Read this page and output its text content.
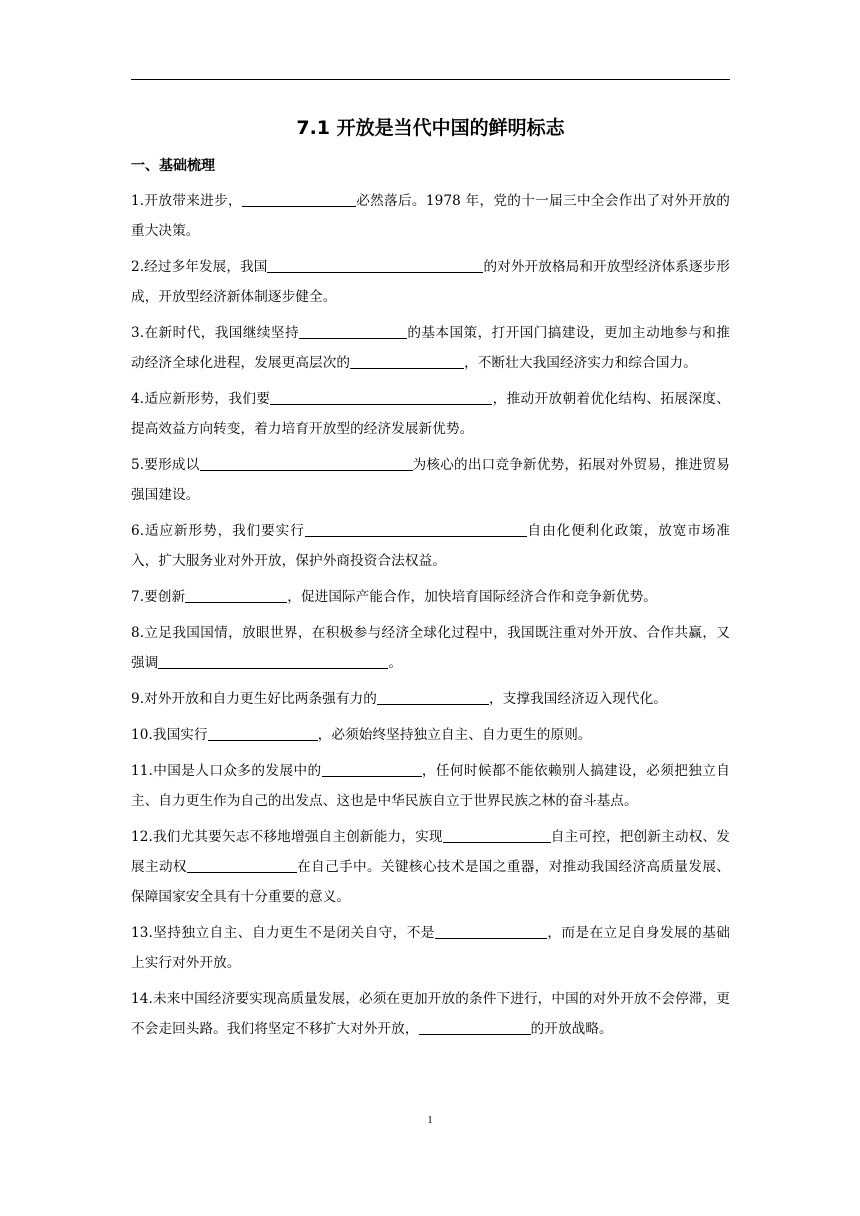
7.1 开放是当代中国的鲜明标志
一、基础梳理
1.开放带来进步，	必然落后。1978 年，党的十一届三中全会作出了对外开放的重大决策。
2.经过多年发展，我国	的对外开放格局和开放型经济体系逐步形成，开放型经济新体制逐步健全。
3.在新时代，我国继续坚持	的基本国策，打开国门搞建设，更加主动地参与和推动经济全球化进程，发展更高层次的	，不断壮大我国经济实力和综合国力。
4.适应新形势，我们要	，推动开放朝着优化结构、拓展深度、提高效益方向转变，着力培育开放型的经济发展新优势。
5.要形成以	为核心的出口竞争新优势，拓展对外贸易，推进贸易强国建设。
6.适应新形势，我们要实行	自由化便利化政策，放宽市场准入，扩大服务业对外开放，保护外商投资合法权益。
7.要创新	，促进国际产能合作，加快培育国际经济合作和竞争新优势。
8.立足我国国情，放眼世界，在积极参与经济全球化过程中，我国既注重对外开放、合作共赢，又强调	。
9.对外开放和自力更生好比两条强有力的	，支撑我国经济迈入现代化。
10.我国实行	，必须始终坚持独立自主、自力更生的原则。
11.中国是人口众多的发展中的	，任何时候都不能依赖别人搞建设，必须把独立自主、自力更生作为自己的出发点、这也是中华民族自立于世界民族之林的奋斗基点。
12.我们尤其要矢志不移地增强自主创新能力，实现	自主可控，把创新主动权、发展主动权	在自己手中。关键核心技术是国之重器，对推动我国经济高质量发展、保障国家安全具有十分重要的意义。
13.坚持独立自主、自力更生不是闭关自守，不是	，而是在立足自身发展的基础上实行对外开放。
14.未来中国经济要实现高质量发展，必须在更加开放的条件下进行，中国的对外开放不会停滞，更不会走回头路。我们将坚定不移扩大对外开放，	的开放战略。
1
